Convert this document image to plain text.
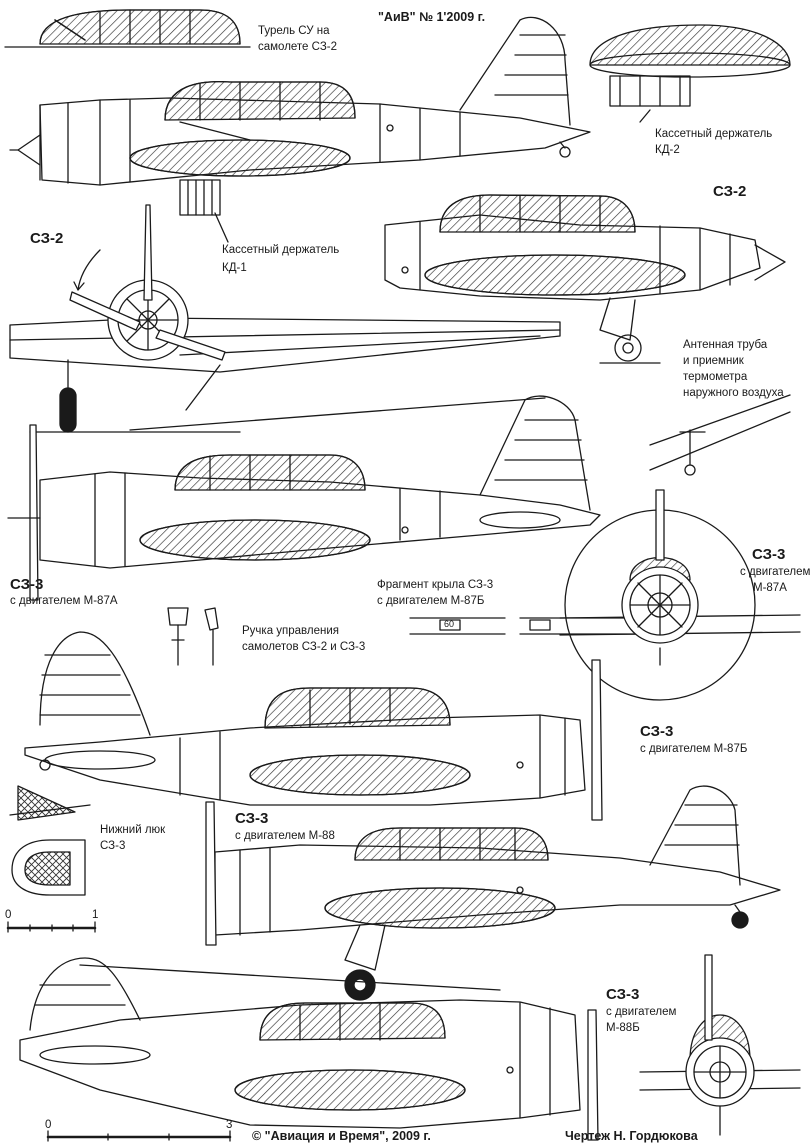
"АиВ" № 1'2009 г.
Турель СУ на
самолете СЗ-2
Кассетный держатель
КД-2
СЗ-2
Кассетный держатель
КД-1
СЗ-2
Антенная труба
и приемник
термометра
наружного воздуха
СЗ-3
с двигателем М-87А
Фрагмент крыла СЗ-3
с двигателем М-87Б
60
СЗ-3
с двигателем
М-87А
Ручка управления
самолетов СЗ-2 и СЗ-3
СЗ-3
с двигателем М-87Б
Нижний люк
СЗ-3
СЗ-3
с двигателем М-88
СЗ-3
с двигателем
М-88Б
0	1
0	3
© "Авиация и Время", 2009 г.	Чертеж Н. Гордюкова
